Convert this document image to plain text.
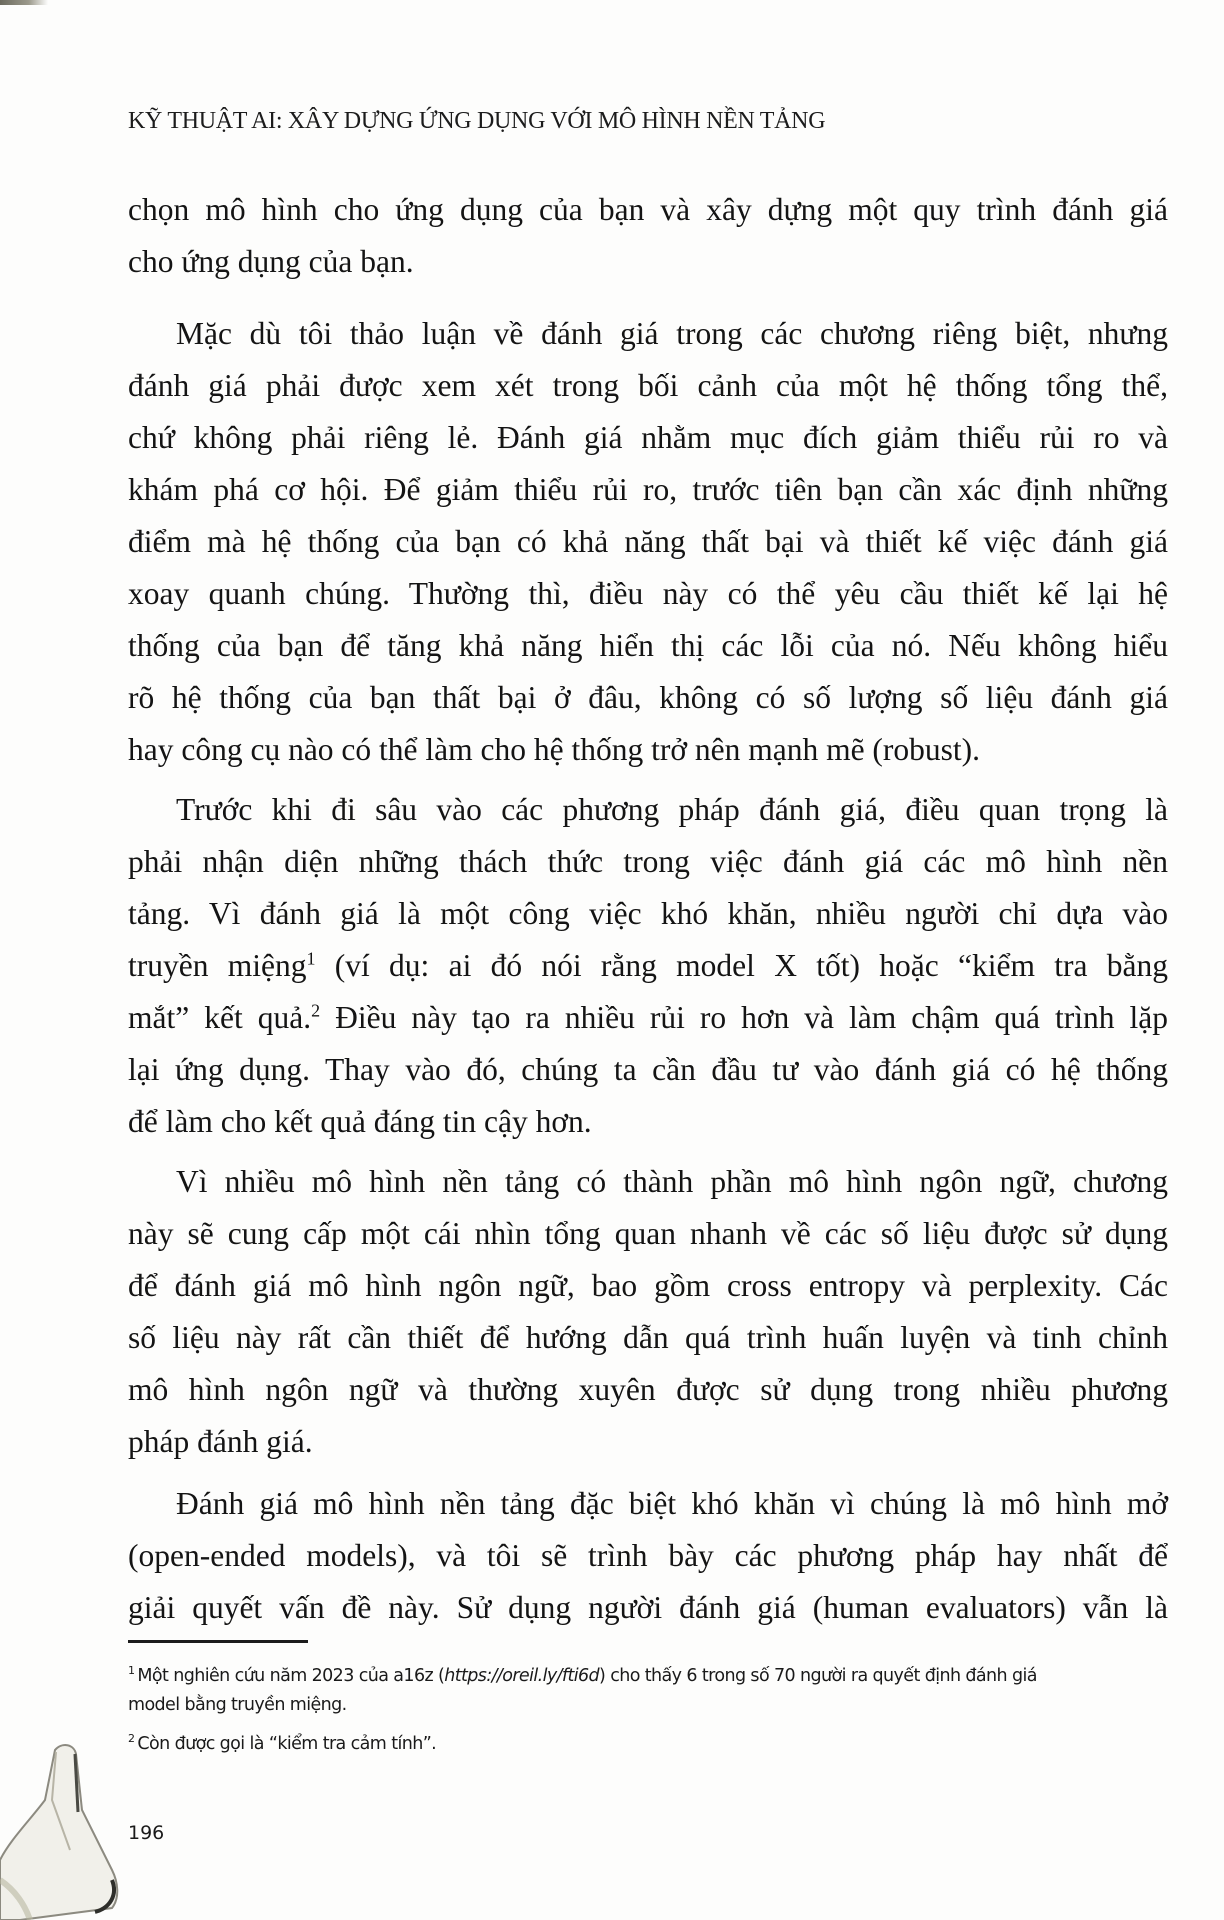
KỸ THUẬT AI: XÂY DỰNG ỨNG DỤNG VỚI MÔ HÌNH NỀN TẢNG
chọn mô hình cho ứng dụng của bạn và xây dựng một quy trình đánh giá
cho ứng dụng của bạn.
Mặc dù tôi thảo luận về đánh giá trong các chương riêng biệt, nhưng
đánh giá phải được xem xét trong bối cảnh của một hệ thống tổng thể,
chứ không phải riêng lẻ. Đánh giá nhằm mục đích giảm thiểu rủi ro và
khám phá cơ hội. Để giảm thiểu rủi ro, trước tiên bạn cần xác định những
điểm mà hệ thống của bạn có khả năng thất bại và thiết kế việc đánh giá
xoay quanh chúng. Thường thì, điều này có thể yêu cầu thiết kế lại hệ
thống của bạn để tăng khả năng hiển thị các lỗi của nó. Nếu không hiểu
rõ hệ thống của bạn thất bại ở đâu, không có số lượng số liệu đánh giá
hay công cụ nào có thể làm cho hệ thống trở nên mạnh mẽ (robust).
Trước khi đi sâu vào các phương pháp đánh giá, điều quan trọng là
phải nhận diện những thách thức trong việc đánh giá các mô hình nền
tảng. Vì đánh giá là một công việc khó khăn, nhiều người chỉ dựa vào
truyền miệng$^1$ (ví dụ: ai đó nói rằng model X tốt) hoặc “kiểm tra bằng
mắt” kết quả.$^2$ Điều này tạo ra nhiều rủi ro hơn và làm chậm quá trình lặp
lại ứng dụng. Thay vào đó, chúng ta cần đầu tư vào đánh giá có hệ thống
để làm cho kết quả đáng tin cậy hơn.
Vì nhiều mô hình nền tảng có thành phần mô hình ngôn ngữ, chương
này sẽ cung cấp một cái nhìn tổng quan nhanh về các số liệu được sử dụng
để đánh giá mô hình ngôn ngữ, bao gồm cross entropy và perplexity. Các
số liệu này rất cần thiết để hướng dẫn quá trình huấn luyện và tinh chỉnh
mô hình ngôn ngữ và thường xuyên được sử dụng trong nhiều phương
pháp đánh giá.
Đánh giá mô hình nền tảng đặc biệt khó khăn vì chúng là mô hình mở
(open-ended models), và tôi sẽ trình bày các phương pháp hay nhất để
giải quyết vấn đề này. Sử dụng người đánh giá (human evaluators) vẫn là
$^1$ Một nghiên cứu năm 2023 của a16z (https://oreil.ly/fti6d) cho thấy 6 trong số 70 người ra quyết định đánh giá
model bằng truyền miệng.
$^2$ Còn được gọi là “kiểm tra cảm tính”.
196
